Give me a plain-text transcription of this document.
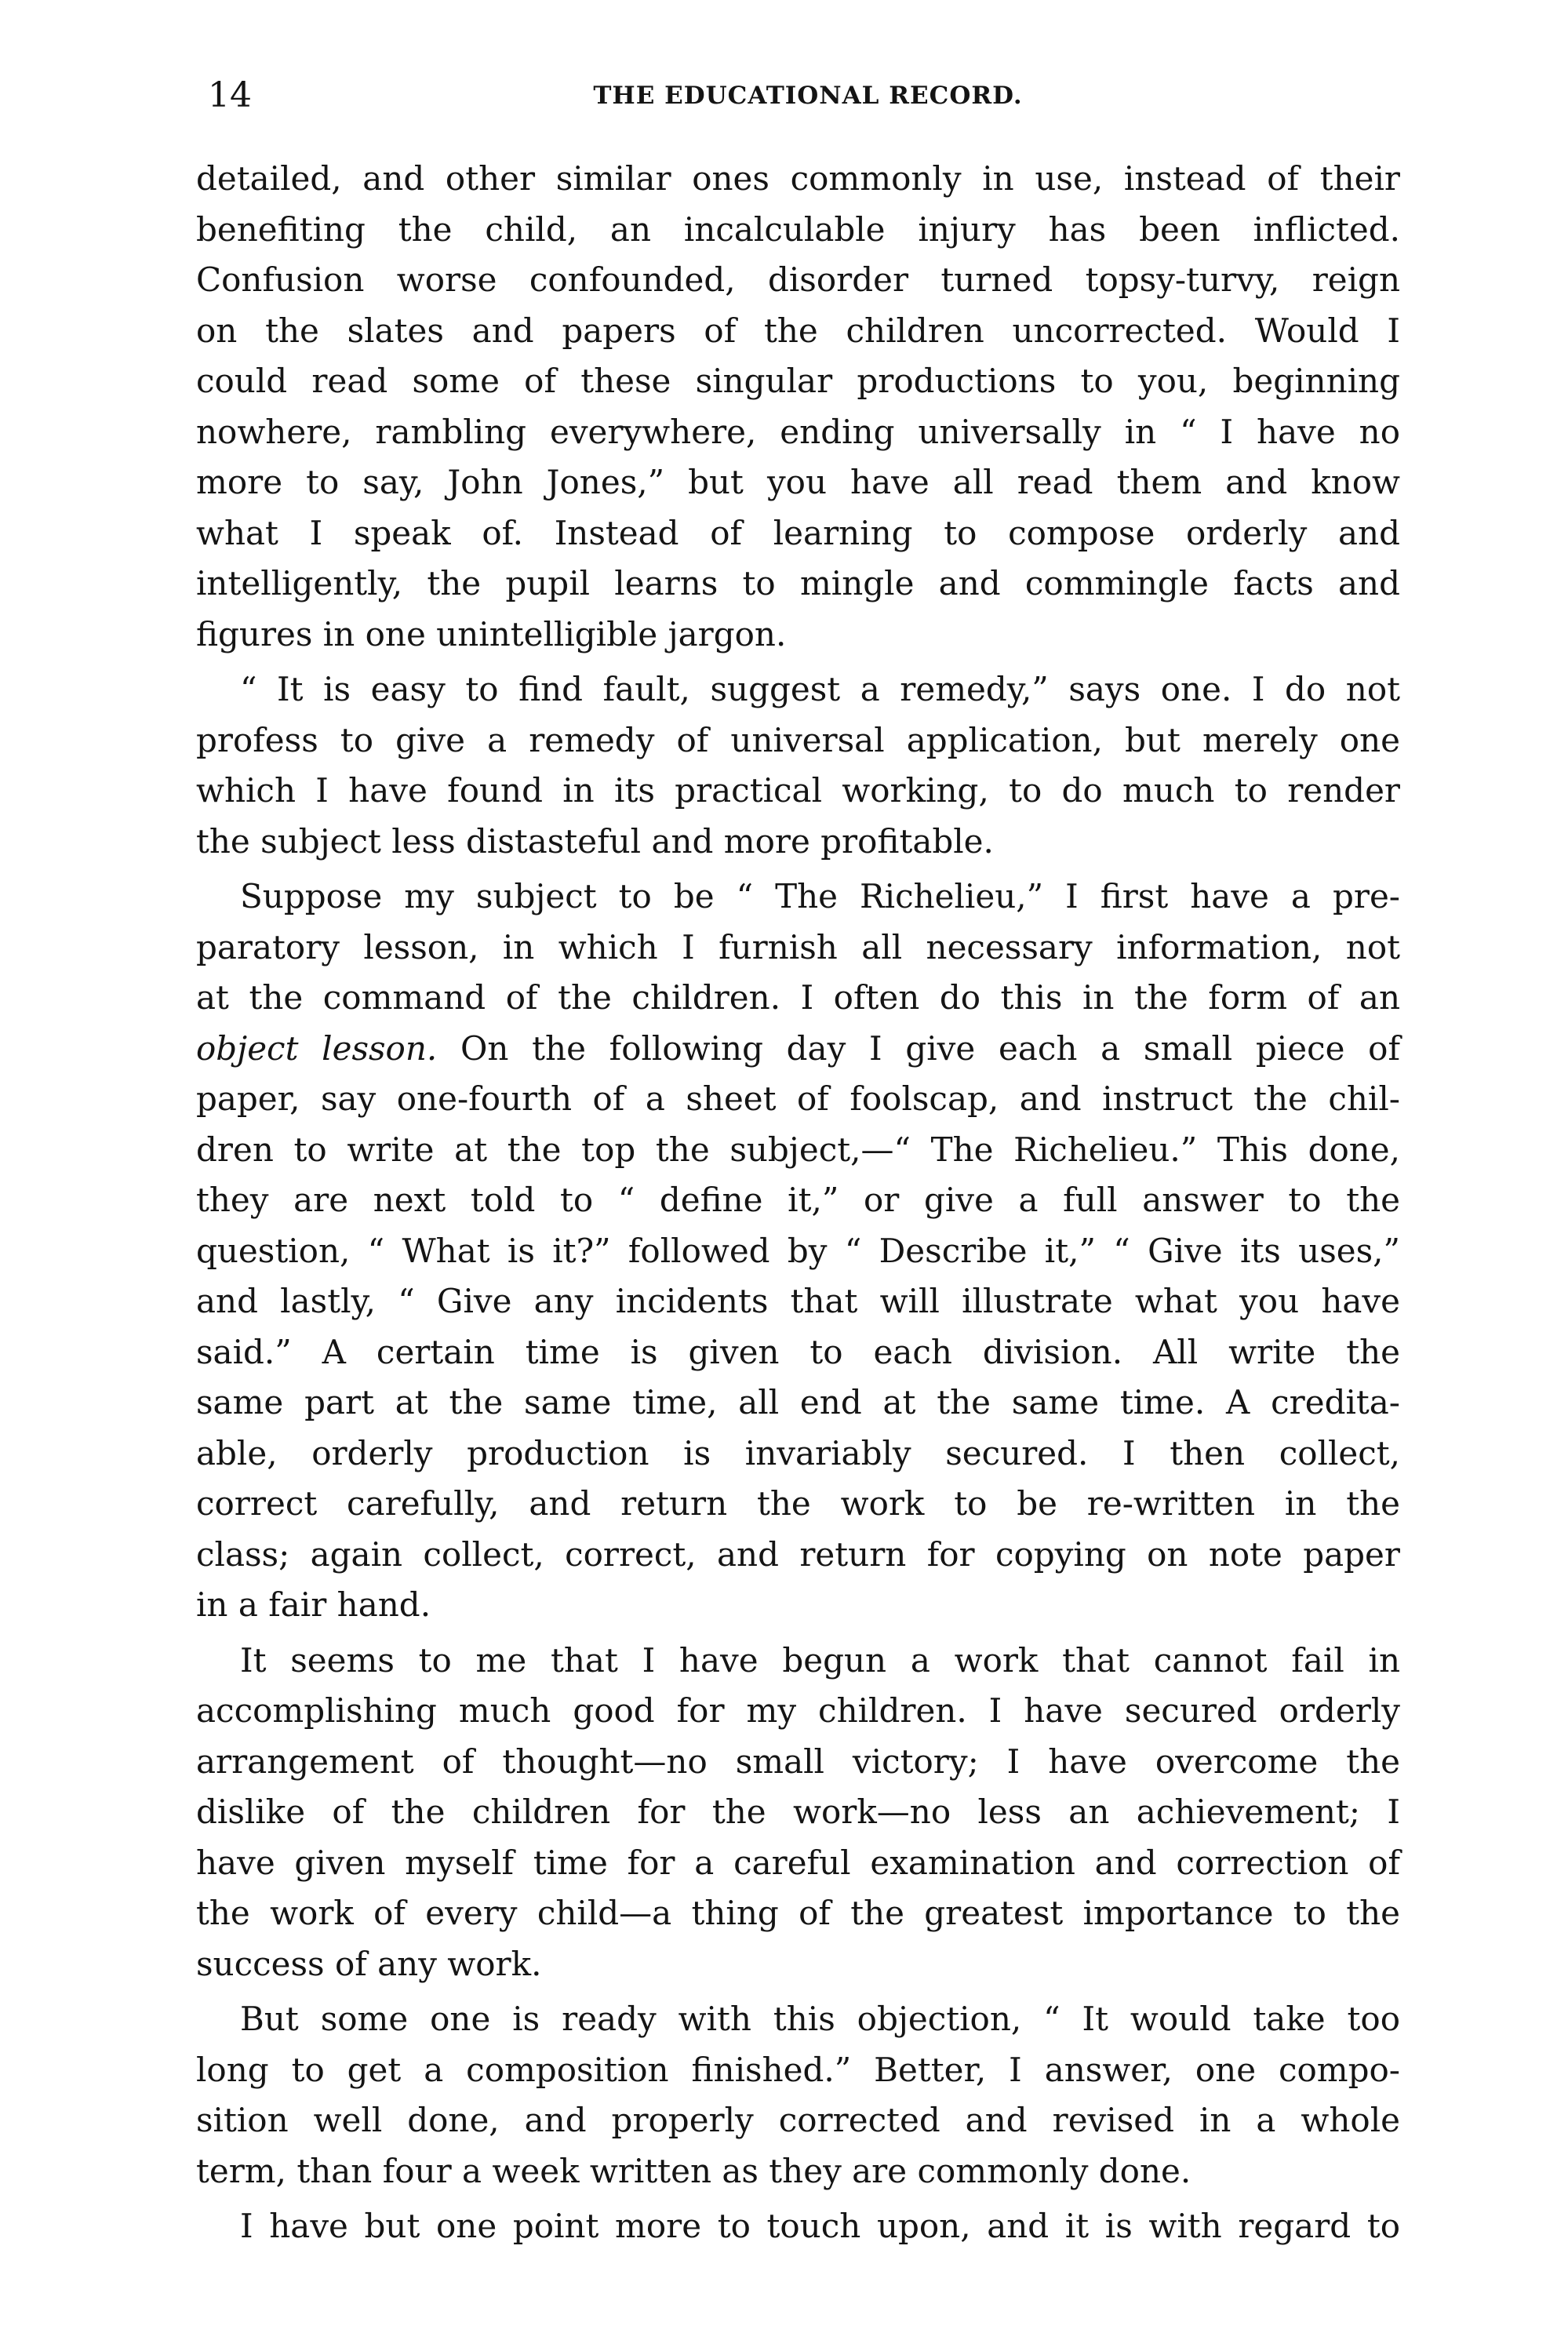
14	THE EDUCATIONAL RECORD.
detailed, and other similar ones commonly in use, instead of their
benefiting the child, an incalculable injury has been inflicted.
Confusion worse confounded, disorder turned topsy-turvy, reign
on the slates and papers of the children uncorrected. Would I
could read some of these singular productions to you, beginning
nowhere, rambling everywhere, ending universally in “ I have no
more to say, John Jones,” but you have all read them and know
what I speak of. Instead of learning to compose orderly and
intelligently, the pupil learns to mingle and commingle facts and
figures in one unintelligible jargon.
“ It is easy to find fault, suggest a remedy,” says one. I do not
profess to give a remedy of universal application, but merely one
which I have found in its practical working, to do much to render
the subject less distasteful and more profitable.
Suppose my subject to be “ The Richelieu,” I first have a pre-
paratory lesson, in which I furnish all necessary information, not
at the command of the children. I often do this in the form of an
object lesson. On the following day I give each a small piece of
paper, say one-fourth of a sheet of foolscap, and instruct the chil-
dren to write at the top the subject,—“ The Richelieu.” This done,
they are next told to “ define it,” or give a full answer to the
question, “ What is it?” followed by “ Describe it,” “ Give its uses,”
and lastly, “ Give any incidents that will illustrate what you have
said.” A certain time is given to each division. All write the
same part at the same time, all end at the same time. A credita-
able, orderly production is invariably secured. I then collect,
correct carefully, and return the work to be re-written in the
class; again collect, correct, and return for copying on note paper
in a fair hand.
It seems to me that I have begun a work that cannot fail in
accomplishing much good for my children. I have secured orderly
arrangement of thought—no small victory; I have overcome the
dislike of the children for the work—no less an achievement; I
have given myself time for a careful examination and correction of
the work of every child—a thing of the greatest importance to the
success of any work.
But some one is ready with this objection, “ It would take too
long to get a composition finished.” Better, I answer, one compo-
sition well done, and properly corrected and revised in a whole
term, than four a week written as they are commonly done.
I have but one point more to touch upon, and it is with regard to
